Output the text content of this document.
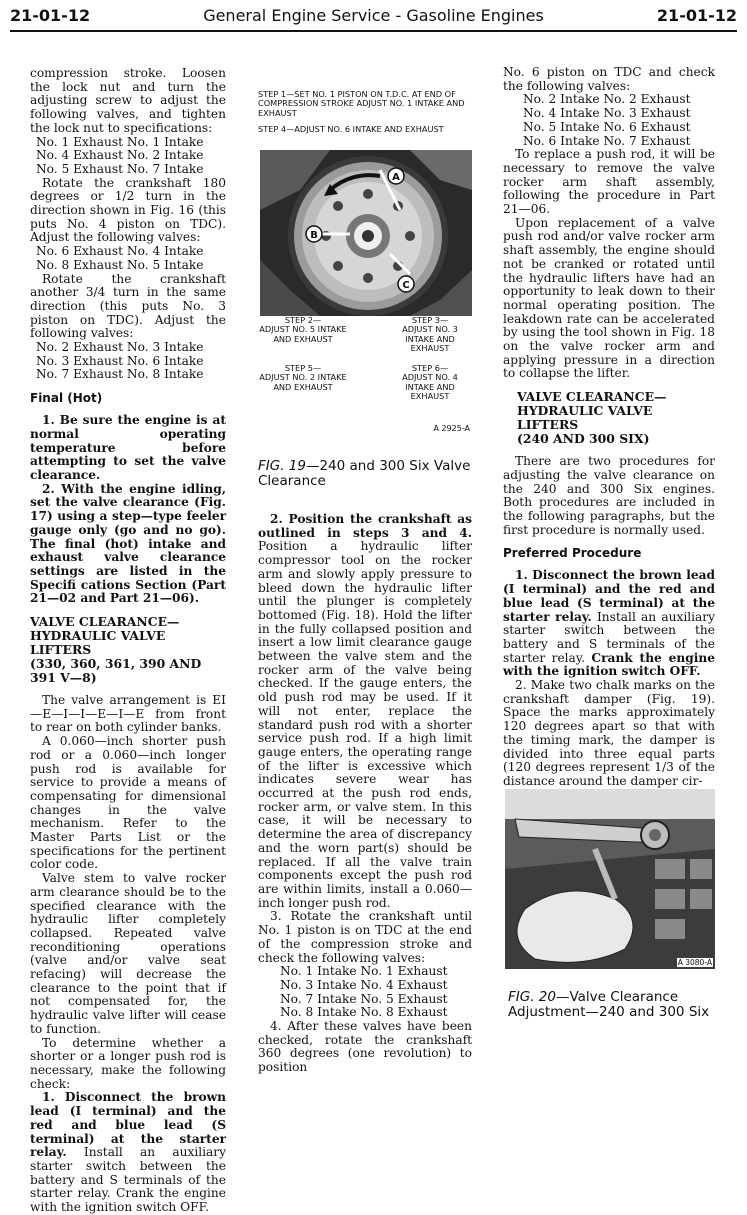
21-01-12	General Engine Service - Gasoline Engines	21-01-12

compression stroke. Loosen the lock nut and turn the adjusting screw to adjust the following valves, and tighten the lock nut to specifications:

No. 1 Exhaust No. 1 Intake
No. 4 Exhaust No. 2 Intake
No. 5 Exhaust No. 7 Intake

Rotate the crankshaft 180 degrees or 1/2 turn in the direction shown in Fig. 16 (this puts No. 4 piston on TDC). Adjust the following valves:

No. 6 Exhaust No. 4 Intake
No. 8 Exhaust No. 5 Intake

Rotate the crankshaft another 3/4 turn in the same direction (this puts No. 3 piston on TDC). Adjust the following valves:

No. 2 Exhaust No. 3 Intake
No. 3 Exhaust No. 6 Intake
No. 7 Exhaust No. 8 Intake
Final (Hot)

1. Be sure the engine is at normal operating temperature before attempting to set the valve clearance.

2. With the engine idling, set the valve clearance (Fig. 17) using a step—type feeler gauge only (go and no go). The final (hot) intake and exhaust valve clearance settings are listed in the Specifi cations Section (Part 21—02 and Part 21—06).

VALVE CLEARANCE—
HYDRAULIC VALVE LIFTERS
(330, 360, 361, 390 AND 391 V—8)

The valve arrangement is EI—E—I—I—E—I—E from front to rear on both cylinder banks.

A 0.060—inch shorter push rod or a 0.060—inch longer push rod is available for service to provide a means of compensating for dimensional changes in the valve mechanism. Refer to the Master Parts List or the specifications for the pertinent color code.

Valve stem to valve rocker arm clearance should be to the specified clearance with the hydraulic lifter completely collapsed. Repeated valve reconditioning operations (valve and/or valve seat refacing) will decrease the clearance to the point that if not compensated for, the hydraulic valve lifter will cease to function.

To determine whether a shorter or a longer push rod is necessary, make the following check:

1. Disconnect the brown lead (I terminal) and the red and blue lead (S terminal) at the starter relay. Install an auxiliary starter switch between the battery and S terminals of the starter relay. Crank the engine with the ignition switch OFF.

STEP 1—SET NO. 1 PISTON ON T.D.C. AT END OF COMPRESSION STROKE ADJUST NO. 1 INTAKE AND EXHAUST
STEP 4—ADJUST NO. 6 INTAKE AND EXHAUST
A
B
C
STEP 2—
ADJUST NO. 5 INTAKE AND EXHAUST
STEP 3—
ADJUST NO. 3 INTAKE AND EXHAUST
STEP 5—
ADJUST NO. 2 INTAKE AND EXHAUST
STEP 6—
ADJUST NO. 4 INTAKE AND EXHAUST
A 2925-A
FIG. 19—240 and 300 Six Valve Clearance

2. Position the crankshaft as outlined in steps 3 and 4. Position a hydraulic lifter compressor tool on the rocker arm and slowly apply pressure to bleed down the hydraulic lifter until the plunger is completely bottomed (Fig. 18). Hold the lifter in the fully collapsed position and insert a low limit clearance gauge between the valve stem and the rocker arm of the valve being checked. If the gauge enters, the old push rod may be used. If it will not enter, replace the standard push rod with a shorter service push rod. If a high limit gauge enters, the operating range of the lifter is excessive which indicates severe wear has occurred at the push rod ends, rocker arm, or valve stem. In this case, it will be necessary to determine the area of discrepancy and the worn part(s) should be replaced. If all the valve train components except the push rod are within limits, install a 0.060—inch longer push rod.

3. Rotate the crankshaft until No. 1 piston is on TDC at the end of the compression stroke and check the following valves:

No. 1 Intake No. 1 Exhaust
No. 3 Intake No. 4 Exhaust
No. 7 Intake No. 5 Exhaust
No. 8 Intake No. 8 Exhaust

4. After these valves have been checked, rotate the crankshaft 360 degrees (one revolution) to position

No. 6 piston on TDC and check the following valves:

No. 2 Intake No. 2 Exhaust
No. 4 Intake No. 3 Exhaust
No. 5 Intake No. 6 Exhaust
No. 6 Intake No. 7 Exhaust

To replace a push rod, it will be necessary to remove the valve rocker arm shaft assembly, following the procedure in Part 21—06.

Upon replacement of a valve push rod and/or valve rocker arm shaft assembly, the engine should not be cranked or rotated until the hydraulic lifters have had an opportunity to leak down to their normal operating position. The leakdown rate can be accelerated by using the tool shown in Fig. 18 on the valve rocker arm and applying pressure in a direction to collapse the lifter.

VALVE CLEARANCE—
HYDRAULIC VALVE LIFTERS
(240 AND 300 SIX)

There are two procedures for adjusting the valve clearance on the 240 and 300 Six engines. Both procedures are included in the following paragraphs, but the first procedure is normally used.

Preferred Procedure

1. Disconnect the brown lead (I terminal) and the red and blue lead (S terminal) at the starter relay. Install an auxiliary starter switch between the battery and S terminals of the starter relay. Crank the engine with the ignition switch OFF.

2. Make two chalk marks on the crankshaft damper (Fig. 19). Space the marks approximately 120 degrees apart so that with the timing mark, the damper is divided into three equal parts (120 degrees represent 1/3 of the distance around the damper cir-

A 3080-A
FIG. 20—Valve Clearance Adjustment—240 and 300 Six
